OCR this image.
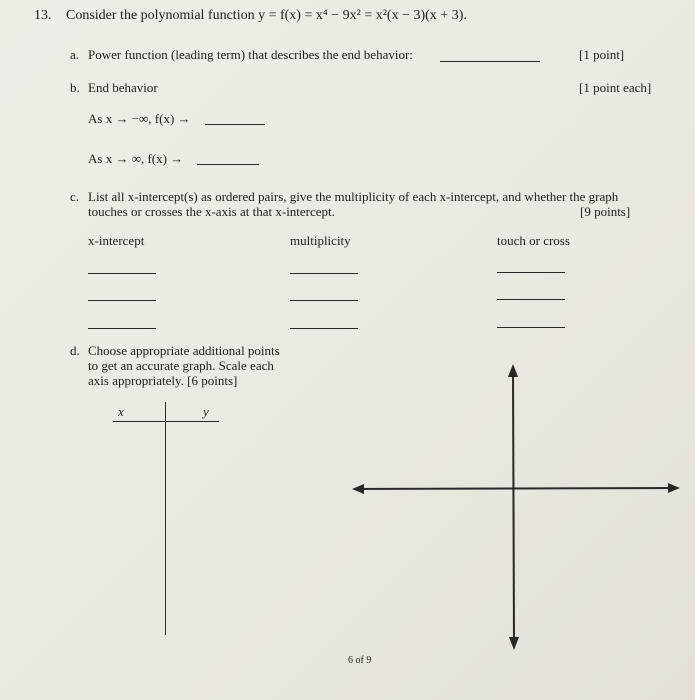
13. Consider the polynomial function y = f(x) = x⁴ − 9x² = x²(x − 3)(x + 3).
a. Power function (leading term) that describes the end behavior:	[1 point]
b. End behavior	[1 point each]
As x → −∞, f(x) →
As x → ∞, f(x) →
c. List all x-intercept(s) as ordered pairs, give the multiplicity of each x-intercept, and whether the graph
touches or crosses the x-axis at that x-intercept.	[9 points]
x-intercept	multiplicity	touch or cross
d. Choose appropriate additional points
to get an accurate graph. Scale each
axis appropriately. [6 points]
x	y
6 of 9
